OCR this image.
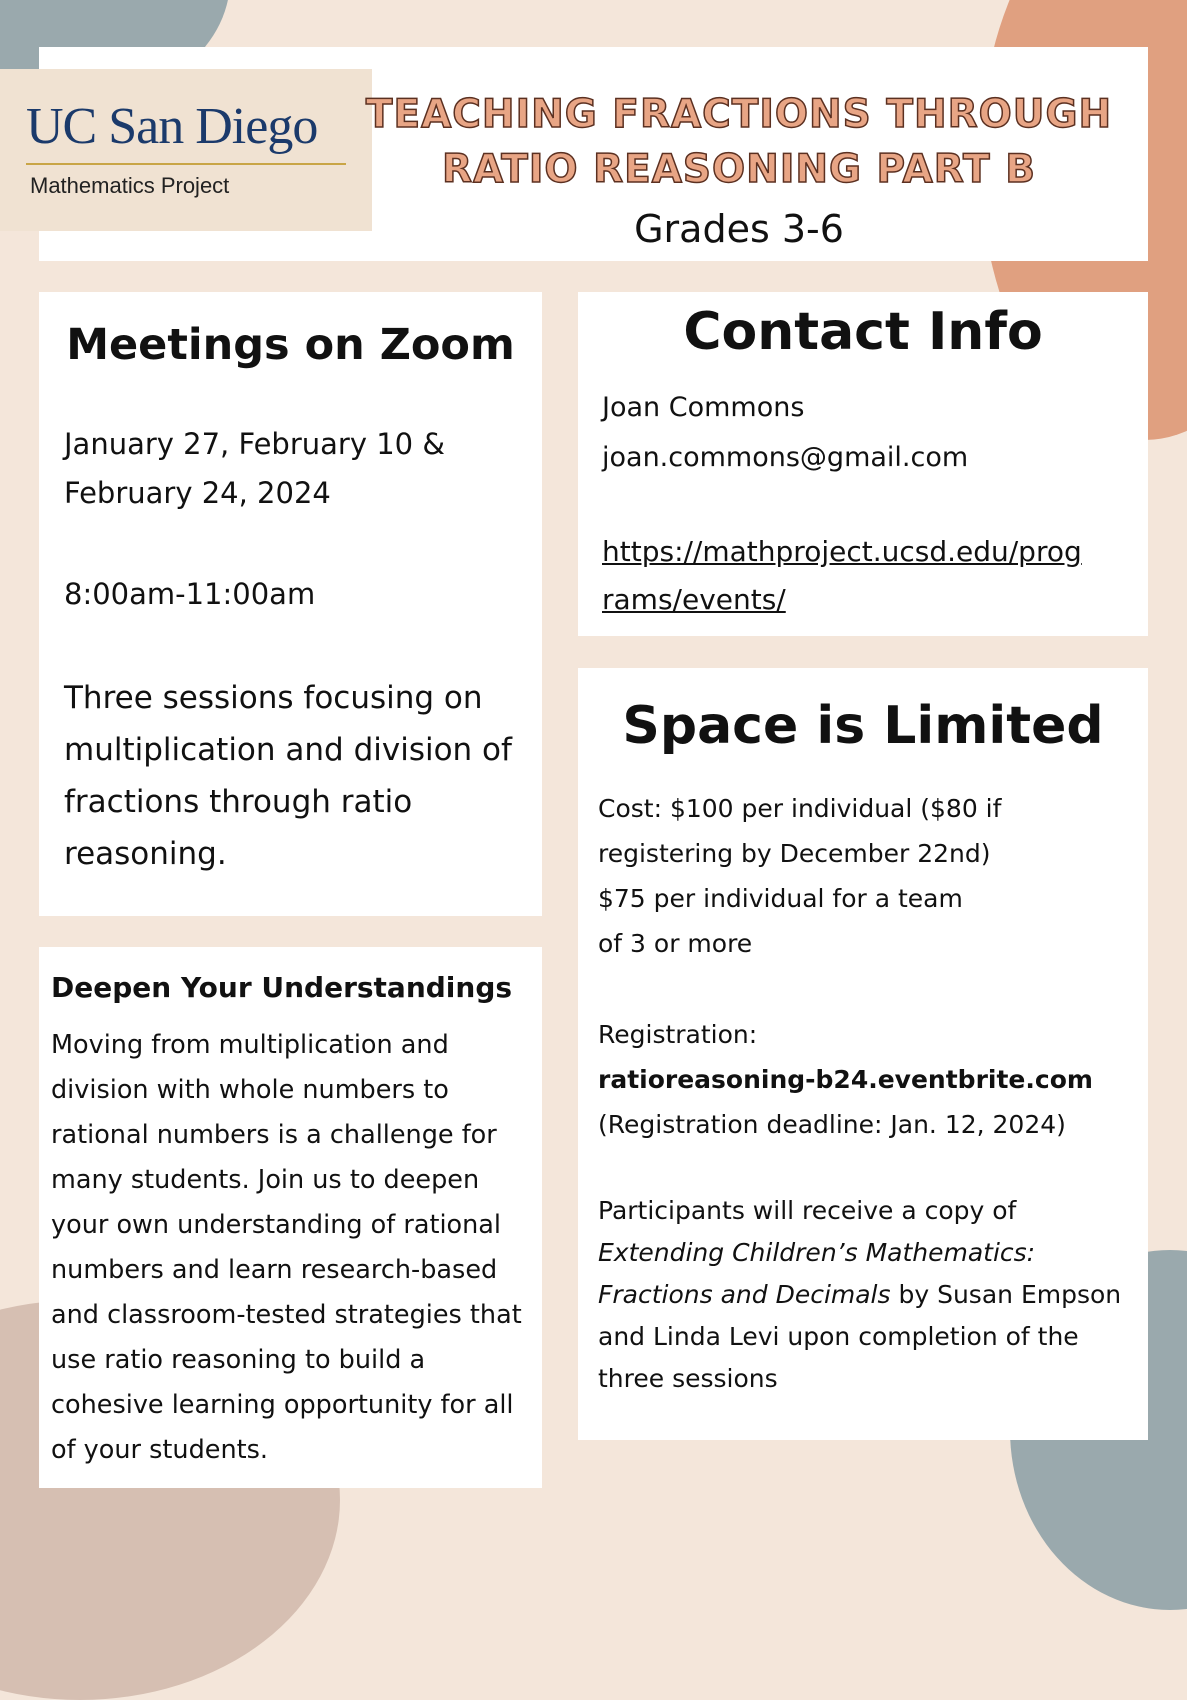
UC San Diego
Mathematics Project
TEACHING FRACTIONS THROUGH
RATIO REASONING PART B
Grades 3-6
Meetings on Zoom
January 27, February 10 &
February 24, 2024
8:00am-11:00am
Three sessions focusing on multiplication and division of fractions through ratio reasoning.
Deepen Your Understandings
Moving from multiplication and division with whole numbers to rational numbers is a challenge for many students. Join us to deepen your own understanding of rational numbers and learn research-based and classroom-tested strategies that use ratio reasoning to build a cohesive learning opportunity for all of your students.
Contact Info
Joan Commons
joan.commons@gmail.com
https://mathproject.ucsd.edu/programs/events/
Space is Limited
Cost: $100 per individual ($80 if
registering by December 22nd)
$75 per individual for a team
of 3 or more
Registration:
ratioreasoning-b24.eventbrite.com
(Registration deadline: Jan. 12, 2024)
Participants will receive a copy of Extending Children’s Mathematics: Fractions and Decimals by Susan Empson and Linda Levi upon completion of the three sessions
